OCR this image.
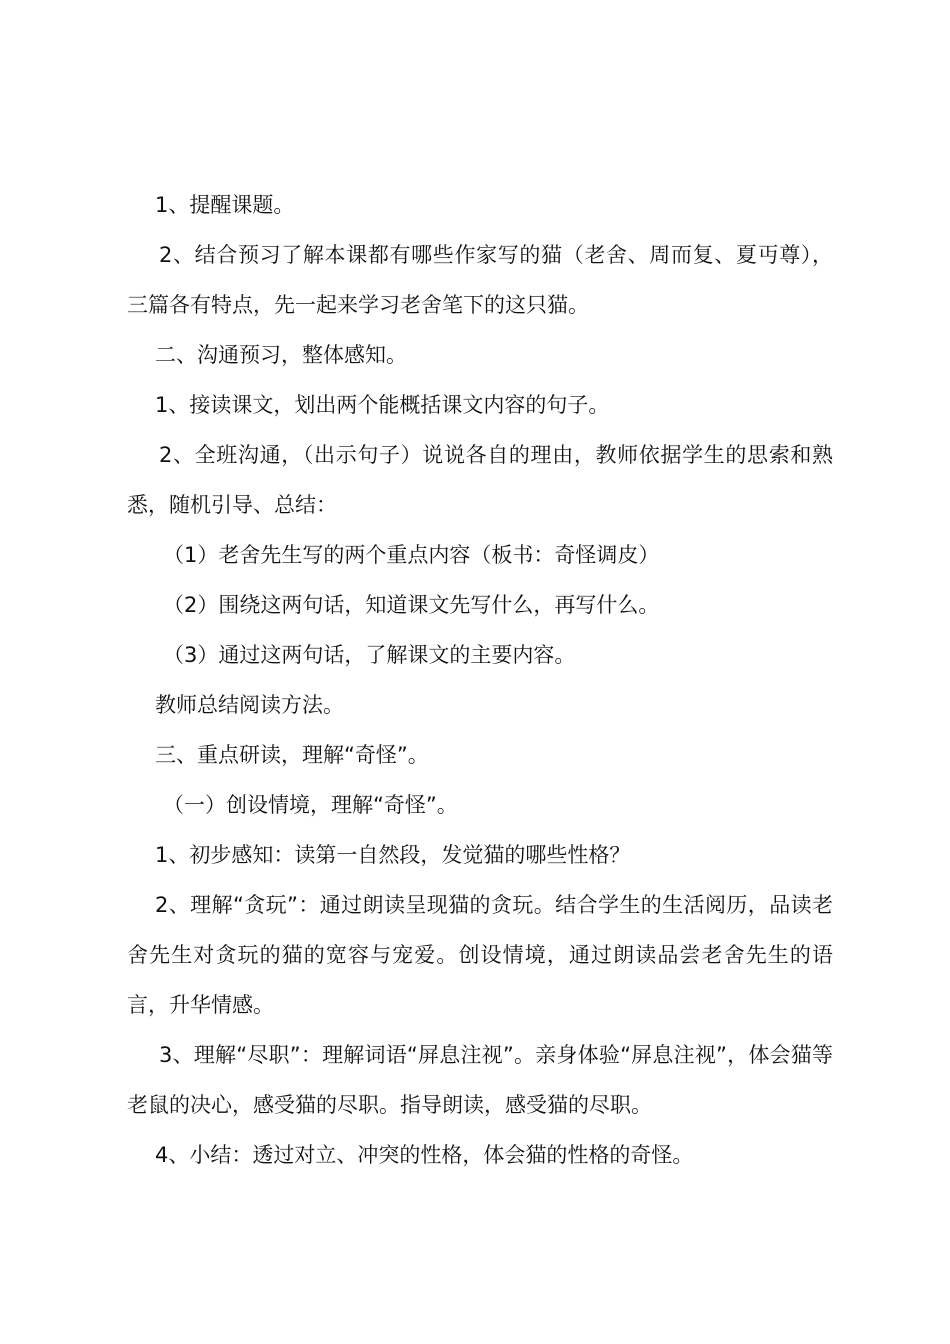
1、提醒课题。

2、结合预习了解本课都有哪些作家写的猫（老舍、周而复、夏丏尊），三篇各有特点，先一起来学习老舍笔下的这只猫。

二、沟通预习，整体感知。

1、接读课文，划出两个能概括课文内容的句子。

2、全班沟通，（出示句子）说说各自的理由，教师依据学生的思索和熟悉，随机引导、总结：

（1）老舍先生写的两个重点内容（板书：奇怪调皮）

（2）围绕这两句话，知道课文先写什么，再写什么。

（3）通过这两句话，了解课文的主要内容。

教师总结阅读方法。

三、重点研读，理解“奇怪”。

（一）创设情境，理解“奇怪”。

1、初步感知：读第一自然段，发觉猫的哪些性格？

2、理解“贪玩”：通过朗读呈现猫的贪玩。结合学生的生活阅历，品读老舍先生对贪玩的猫的宽容与宠爱。创设情境，通过朗读品尝老舍先生的语言，升华情感。

3、理解“尽职”：理解词语“屏息注视”。亲身体验“屏息注视”，体会猫等老鼠的决心，感受猫的尽职。指导朗读，感受猫的尽职。

4、小结：透过对立、冲突的性格，体会猫的性格的奇怪。
